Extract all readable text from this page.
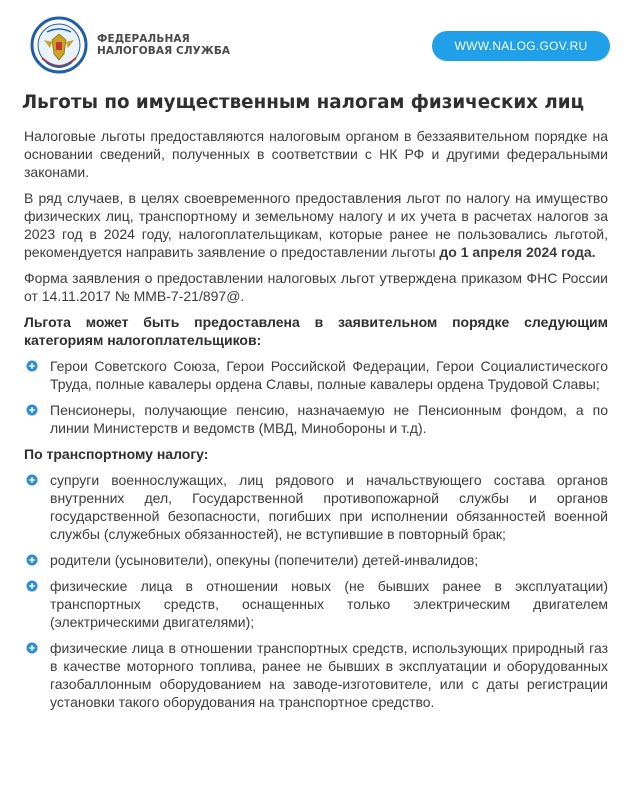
ФЕДЕРАЛЬНАЯ
НАЛОГОВАЯ СЛУЖБА	WWW.NALOG.GOV.RU
Льготы по имущественным налогам физических лиц

Налоговые льготы предоставляются налоговым органом в беззаявительном порядке на основании сведений, полученных в соответствии с НК РФ и другими федеральными законами.

В ряд случаев, в целях своевременного предоставления льгот по налогу на имущество физических лиц, транспортному и земельному налогу и их учета в расчетах налогов за 2023 год в 2024 году, налогоплательщикам, которые ранее не пользовались льготой, рекомендуется направить заявление о предоставлении льготы до 1 апреля 2024 года.

Форма заявления о предоставлении налоговых льгот утверждена приказом ФНС России от 14.11.2017 № ММВ-7-21/897@.

Льгота может быть предоставлена в заявительном порядке следующим категориям налогоплательщиков:
Герои Советского Союза, Герои Российской Федерации, Герои Социалистического Труда, полные кавалеры ордена Славы, полные кавалеры ордена Трудовой Славы;
Пенсионеры, получающие пенсию, назначаемую не Пенсионным фондом, а по линии Министерств и ведомств (МВД, Минобороны и т.д).
По транспортному налогу:
супруги военнослужащих, лиц рядового и начальствующего состава органов внутренних дел, Государственной противопожарной службы и органов государственной безопасности, погибших при исполнении обязанностей военной службы (служебных обязанностей), не вступившие в повторный брак;
родители (усыновители), опекуны (попечители) детей-инвалидов;
физические лица в отношении новых (не бывших ранее в эксплуатации) транспортных средств, оснащенных только электрическим двигателем (электрическими двигателями);
физические лица в отношении транспортных средств, использующих природный газ в качестве моторного топлива, ранее не бывших в эксплуатации и оборудованных газобаллонным оборудованием на заводе-изготовителе, или с даты регистрации установки такого оборудования на транспортное средство.
